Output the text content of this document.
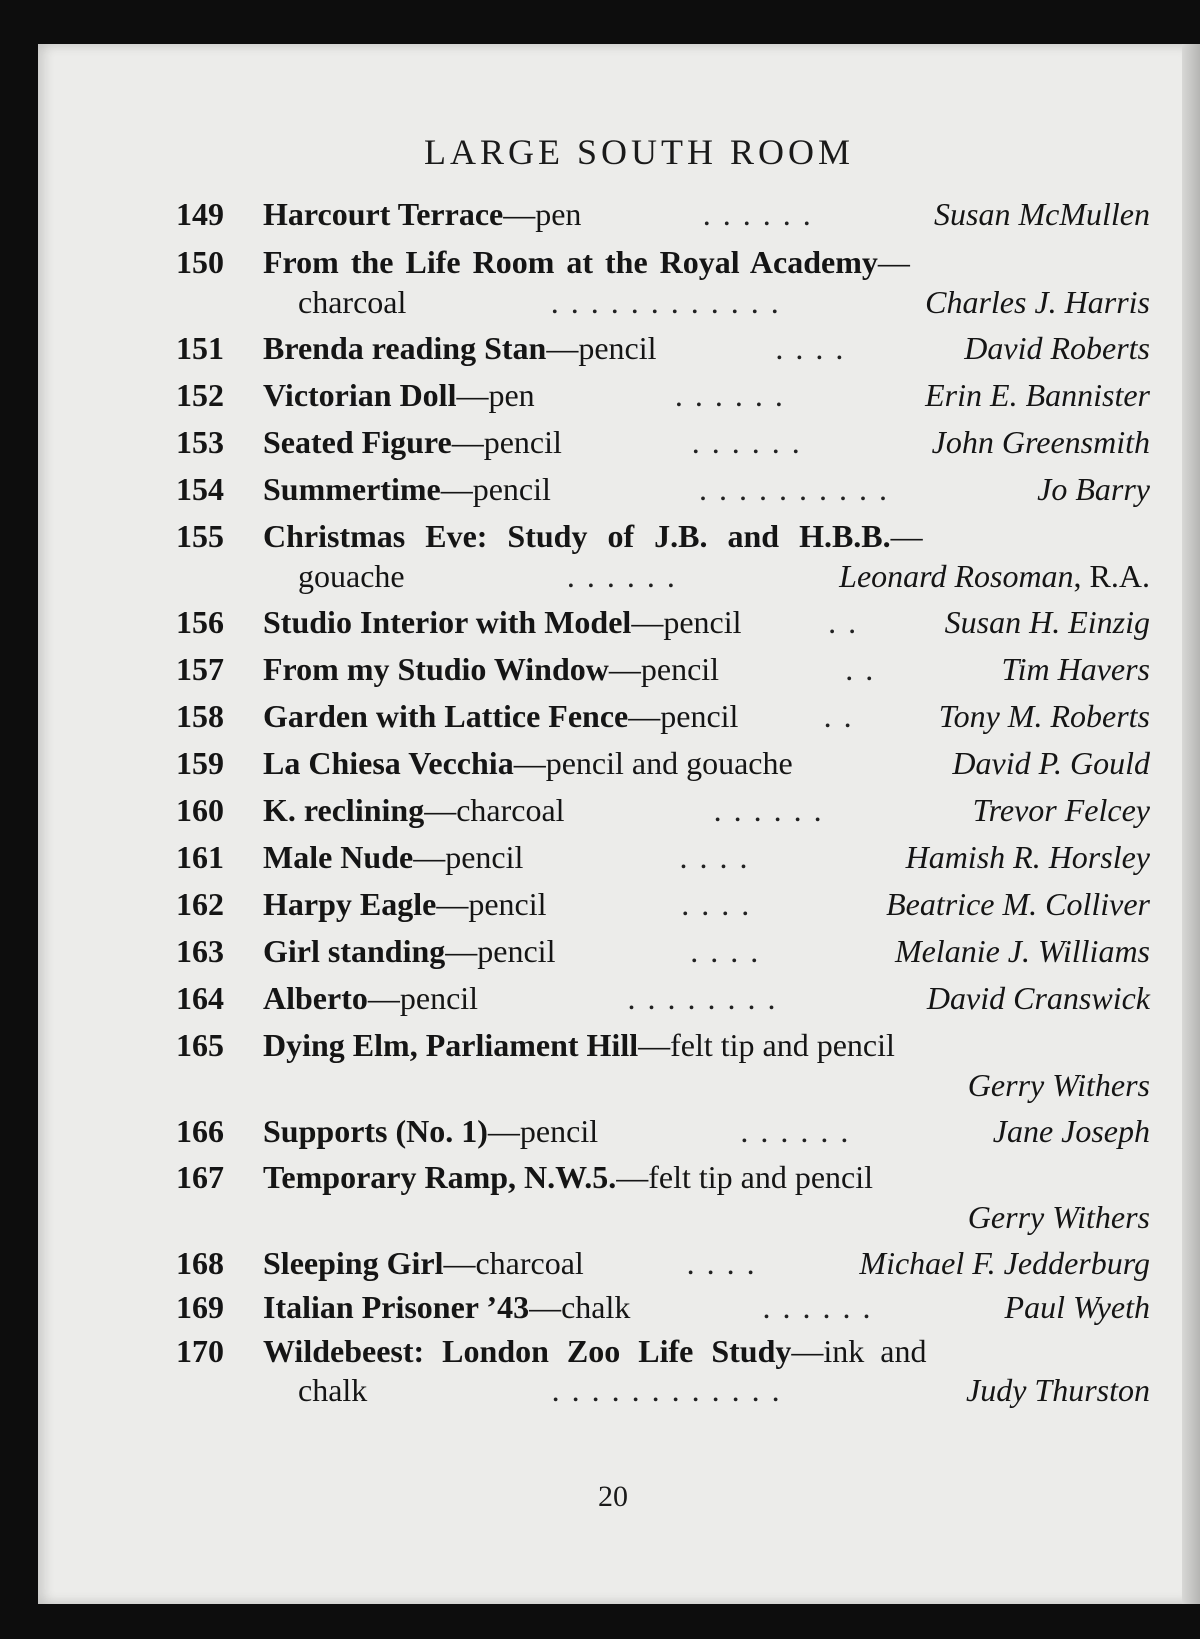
LARGE SOUTH ROOM
149	Harcourt Terrace —pen	. . . . . .	Susan McMullen
150	From the Life Room at the Royal Academy —
charcoal	. . . . . . . . . . . .	Charles J. Harris
151	Brenda reading Stan —pencil	. . . .	David Roberts
152	Victorian Doll —pen	. . . . . .	Erin E. Bannister
153	Seated Figure —pencil	. . . . . .	John Greensmith
154	Summertime —pencil	. . . . . . . . . .	Jo Barry
155	Christmas Eve: Study of J.B. and H.B.B. —
gouache	. . . . . .	Leonard Rosoman , R.A.
156	Studio Interior with Model —pencil	. .	Susan H. Einzig
157	From my Studio Window —pencil	. .	Tim Havers
158	Garden with Lattice Fence —pencil	. .	Tony M. Roberts
159	La Chiesa Vecchia —pencil and gouache	David P. Gould
160	K. reclining —charcoal	. . . . . .	Trevor Felcey
161	Male Nude —pencil	. . . .	Hamish R. Horsley
162	Harpy Eagle —pencil	. . . .	Beatrice M. Colliver
163	Girl standing —pencil	. . . .	Melanie J. Williams
164	Alberto —pencil	. . . . . . . .	David Cranswick
165	Dying Elm, Parliament Hill —felt tip and pencil
Gerry Withers
166	Supports (No. 1) —pencil	. . . . . .	Jane Joseph
167	Temporary Ramp, N.W.5. —felt tip and pencil
Gerry Withers
168	Sleeping Girl —charcoal	. . . .	Michael F. Jedderburg
169	Italian Prisoner ’43 —chalk	. . . . . .	Paul Wyeth
170	Wildebeest: London Zoo Life Study —ink and
chalk	. . . . . . . . . . . .	Judy Thurston
20
